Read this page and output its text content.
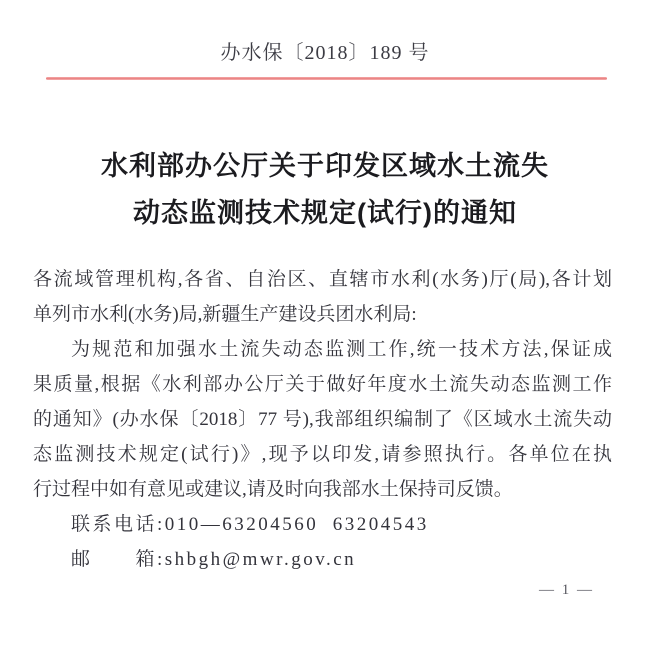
办水保〔2018〕189 号
水利部办公厅关于印发区域水土流失
动态监测技术规定(试行)的通知
各流域管理机构,各省、自治区、直辖市水利(水务)厅(局),各计划
单列市水利(水务)局,新疆生产建设兵团水利局:
为规范和加强水土流失动态监测工作,统一技术方法,保证成
果质量,根据《水利部办公厅关于做好年度水土流失动态监测工作
的通知》(办水保〔2018〕77 号),我部组织编制了《区域水土流失动
态监测技术规定(试行)》,现予以印发,请参照执行。各单位在执
行过程中如有意见或建议,请及时向我部水土保持司反馈。
联系电话:010—63204560  63204543
邮　　箱:shbgh@mwr.gov.cn
— 1 —
